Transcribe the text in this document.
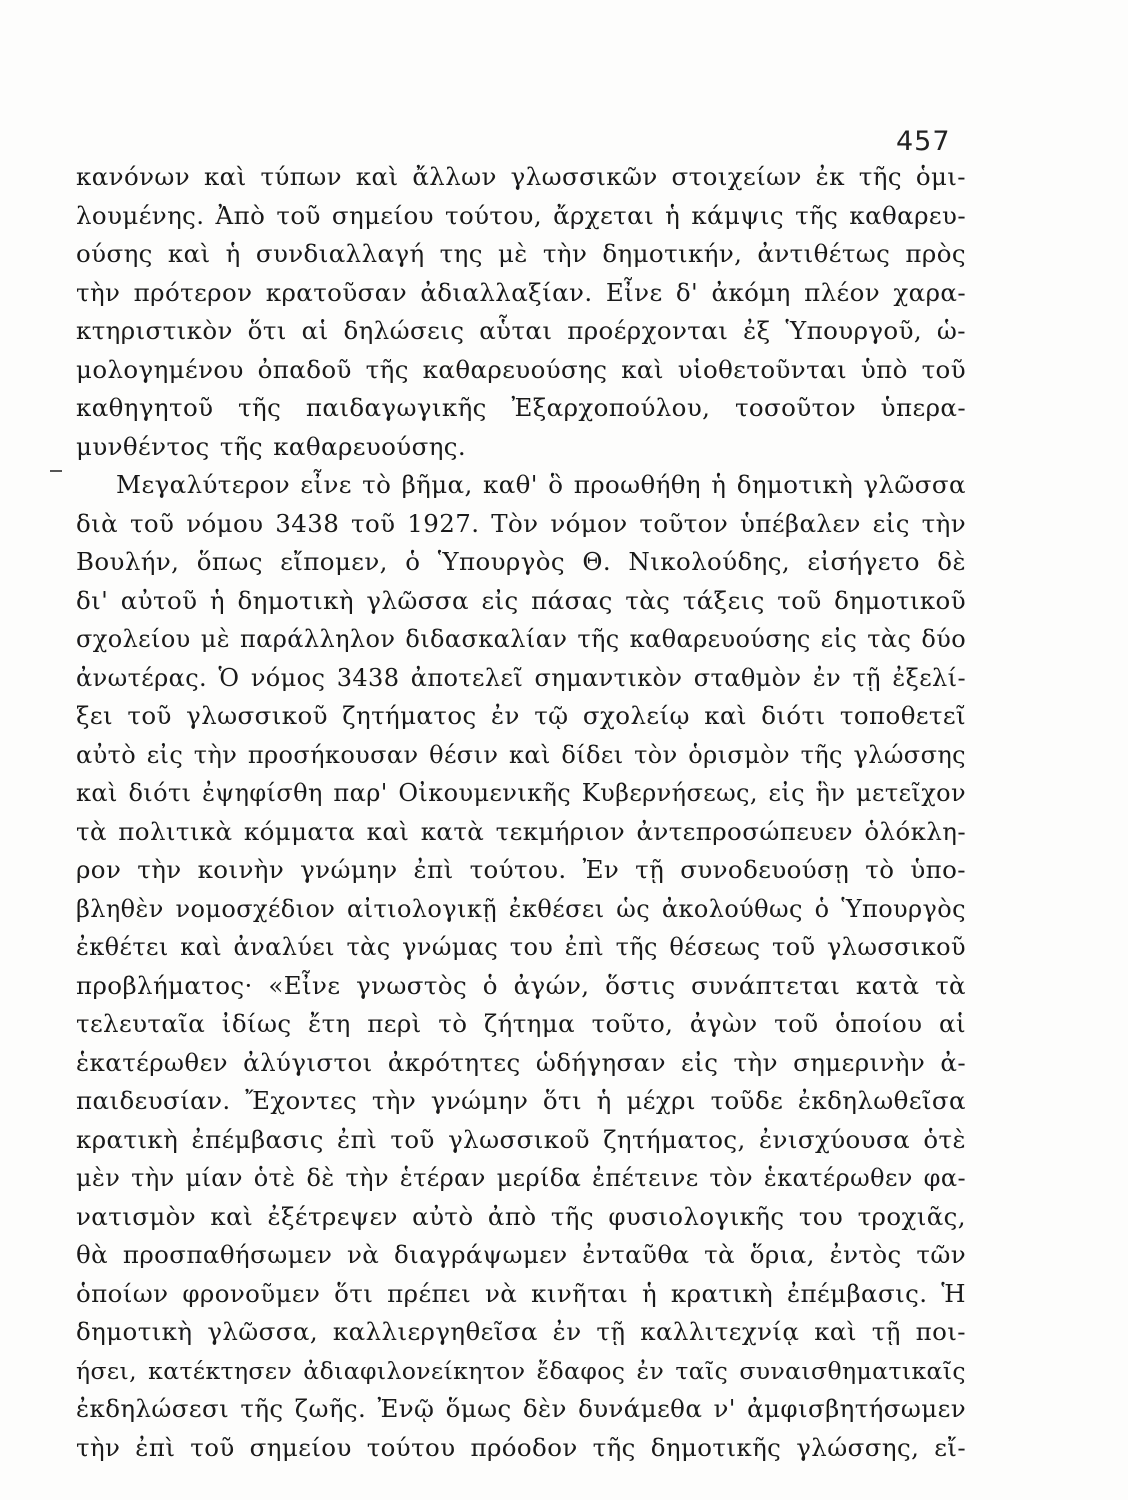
457
κανόνων καὶ τύπων καὶ ἄλλων γλωσσικῶν στοιχείων ἐκ τῆς ὁμι-
λουμένης. Ἀπὸ τοῦ σημείου τούτου, ἄρχεται ἡ κάμψις τῆς καθαρευ-
ούσης καὶ ἡ συνδιαλλαγή της μὲ τὴν δημοτικήν, ἀντιθέτως πρὸς
τὴν πρότερον κρατοῦσαν ἀδιαλλαξίαν. Εἶνε δ' ἀκόμη πλέον χαρα-
κτηριστικὸν ὅτι αἱ δηλώσεις αὗται προέρχονται ἐξ Ὑπουργοῦ, ὡ-
μολογημένου ὀπαδοῦ τῆς καθαρευούσης καὶ υἱοθετοῦνται ὑπὸ τοῦ
καθηγητοῦ τῆς παιδαγωγικῆς Ἐξαρχοπούλου, τοσοῦτον ὑπερα-
μυνθέντος τῆς καθαρευούσης.
Μεγαλύτερον εἶνε τὸ βῆμα, καθ' ὃ προωθήθη ἡ δημοτικὴ γλῶσσα
διὰ τοῦ νόμου 3438 τοῦ 1927. Τὸν νόμον τοῦτον ὑπέβαλεν εἰς τὴν
Βουλήν, ὅπως εἴπομεν, ὁ Ὑπουργὸς Θ. Νικολούδης, εἰσήγετο δὲ
δι' αὐτοῦ ἡ δημοτικὴ γλῶσσα εἰς πάσας τὰς τάξεις τοῦ δημοτικοῦ
σχολείου μὲ παράλληλον διδασκαλίαν τῆς καθαρευούσης εἰς τὰς δύο
ἀνωτέρας. Ὁ νόμος 3438 ἀποτελεῖ σημαντικὸν σταθμὸν ἐν τῇ ἐξελί-
ξει τοῦ γλωσσικοῦ ζητήματος ἐν τῷ σχολείῳ καὶ διότι τοποθετεῖ
αὐτὸ εἰς τὴν προσήκουσαν θέσιν καὶ δίδει τὸν ὁρισμὸν τῆς γλώσσης
καὶ διότι ἐψηφίσθη παρ' Οἰκουμενικῆς Κυβερνήσεως, εἰς ἣν μετεῖχον
τὰ πολιτικὰ κόμματα καὶ κατὰ τεκμήριον ἀντεπροσώπευεν ὁλόκλη-
ρον τὴν κοινὴν γνώμην ἐπὶ τούτου. Ἐν τῇ συνοδευούσῃ τὸ ὑπο-
βληθὲν νομοσχέδιον αἰτιολογικῇ ἐκθέσει ὡς ἀκολούθως ὁ Ὑπουργὸς
ἐκθέτει καὶ ἀναλύει τὰς γνώμας του ἐπὶ τῆς θέσεως τοῦ γλωσσικοῦ
προβλήματος· «Εἶνε γνωστὸς ὁ ἀγών, ὅστις συνάπτεται κατὰ τὰ
τελευταῖα ἰδίως ἔτη περὶ τὸ ζήτημα τοῦτο, ἀγὼν τοῦ ὁποίου αἱ
ἑκατέρωθεν ἀλύγιστοι ἀκρότητες ὡδήγησαν εἰς τὴν σημερινὴν ἀ-
παιδευσίαν. Ἔχοντες τὴν γνώμην ὅτι ἡ μέχρι τοῦδε ἐκδηλωθεῖσα
κρατικὴ ἐπέμβασις ἐπὶ τοῦ γλωσσικοῦ ζητήματος, ἐνισχύουσα ὁτὲ
μὲν τὴν μίαν ὁτὲ δὲ τὴν ἑτέραν μερίδα ἐπέτεινε τὸν ἑκατέρωθεν φα-
νατισμὸν καὶ ἐξέτρεψεν αὐτὸ ἀπὸ τῆς φυσιολογικῆς του τροχιᾶς,
θὰ προσπαθήσωμεν νὰ διαγράψωμεν ἐνταῦθα τὰ ὅρια, ἐντὸς τῶν
ὁποίων φρονοῦμεν ὅτι πρέπει νὰ κινῆται ἡ κρατικὴ ἐπέμβασις. Ἡ
δημοτικὴ γλῶσσα, καλλιεργηθεῖσα ἐν τῇ καλλιτεχνίᾳ καὶ τῇ ποι-
ήσει, κατέκτησεν ἀδιαφιλονείκητον ἔδαφος ἐν ταῖς συναισθηματικαῖς
ἐκδηλώσεσι τῆς ζωῆς. Ἐνῷ ὅμως δὲν δυνάμεθα ν' ἀμφισβητήσωμεν
τὴν ἐπὶ τοῦ σημείου τούτου πρόοδον τῆς δημοτικῆς γλώσσης, εἴ-
